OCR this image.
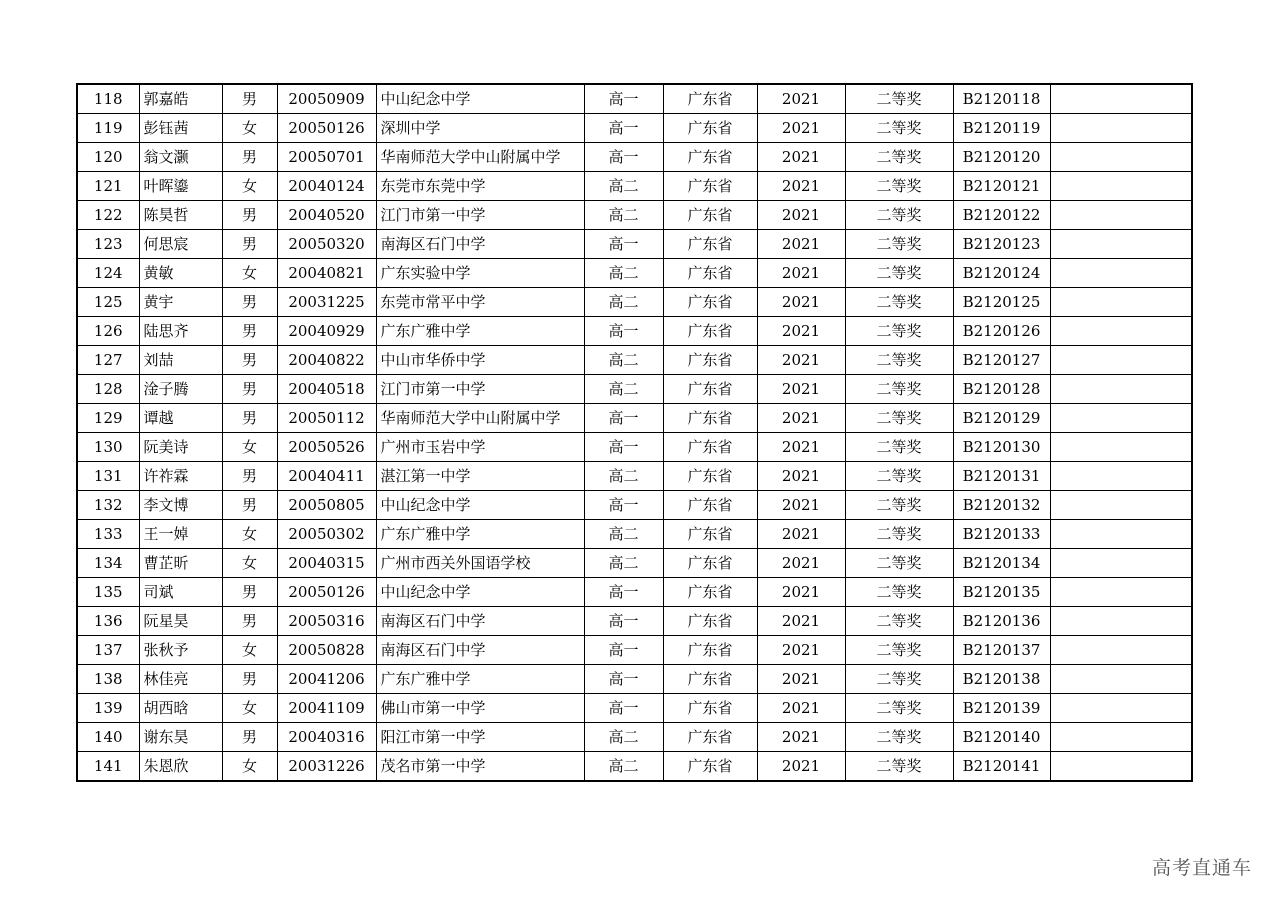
118	郭嘉皓	男	20050909	中山纪念中学	高一	广东省	2021	二等奖	B2120118	
119	彭钰茜	女	20050126	深圳中学	高一	广东省	2021	二等奖	B2120119	
120	翁文灏	男	20050701	华南师范大学中山附属中学	高一	广东省	2021	二等奖	B2120120	
121	叶晖鎏	女	20040124	东莞市东莞中学	高二	广东省	2021	二等奖	B2120121	
122	陈昊哲	男	20040520	江门市第一中学	高二	广东省	2021	二等奖	B2120122	
123	何思宸	男	20050320	南海区石门中学	高一	广东省	2021	二等奖	B2120123	
124	黄敏	女	20040821	广东实验中学	高二	广东省	2021	二等奖	B2120124	
125	黄宇	男	20031225	东莞市常平中学	高二	广东省	2021	二等奖	B2120125	
126	陆思齐	男	20040929	广东广雅中学	高一	广东省	2021	二等奖	B2120126	
127	刘喆	男	20040822	中山市华侨中学	高二	广东省	2021	二等奖	B2120127	
128	淦子腾	男	20040518	江门市第一中学	高二	广东省	2021	二等奖	B2120128	
129	谭越	男	20050112	华南师范大学中山附属中学	高一	广东省	2021	二等奖	B2120129	
130	阮美诗	女	20050526	广州市玉岩中学	高一	广东省	2021	二等奖	B2120130	
131	许祚霖	男	20040411	湛江第一中学	高二	广东省	2021	二等奖	B2120131	
132	李文博	男	20050805	中山纪念中学	高一	广东省	2021	二等奖	B2120132	
133	王一婥	女	20050302	广东广雅中学	高二	广东省	2021	二等奖	B2120133	
134	曹芷昕	女	20040315	广州市西关外国语学校	高二	广东省	2021	二等奖	B2120134	
135	司斌	男	20050126	中山纪念中学	高一	广东省	2021	二等奖	B2120135	
136	阮星昊	男	20050316	南海区石门中学	高一	广东省	2021	二等奖	B2120136	
137	张秋予	女	20050828	南海区石门中学	高一	广东省	2021	二等奖	B2120137	
138	林佳亮	男	20041206	广东广雅中学	高一	广东省	2021	二等奖	B2120138	
139	胡西晗	女	20041109	佛山市第一中学	高一	广东省	2021	二等奖	B2120139	
140	谢东昊	男	20040316	阳江市第一中学	高二	广东省	2021	二等奖	B2120140	
141	朱恩欣	女	20031226	茂名市第一中学	高二	广东省	2021	二等奖	B2120141	
高考直通车
